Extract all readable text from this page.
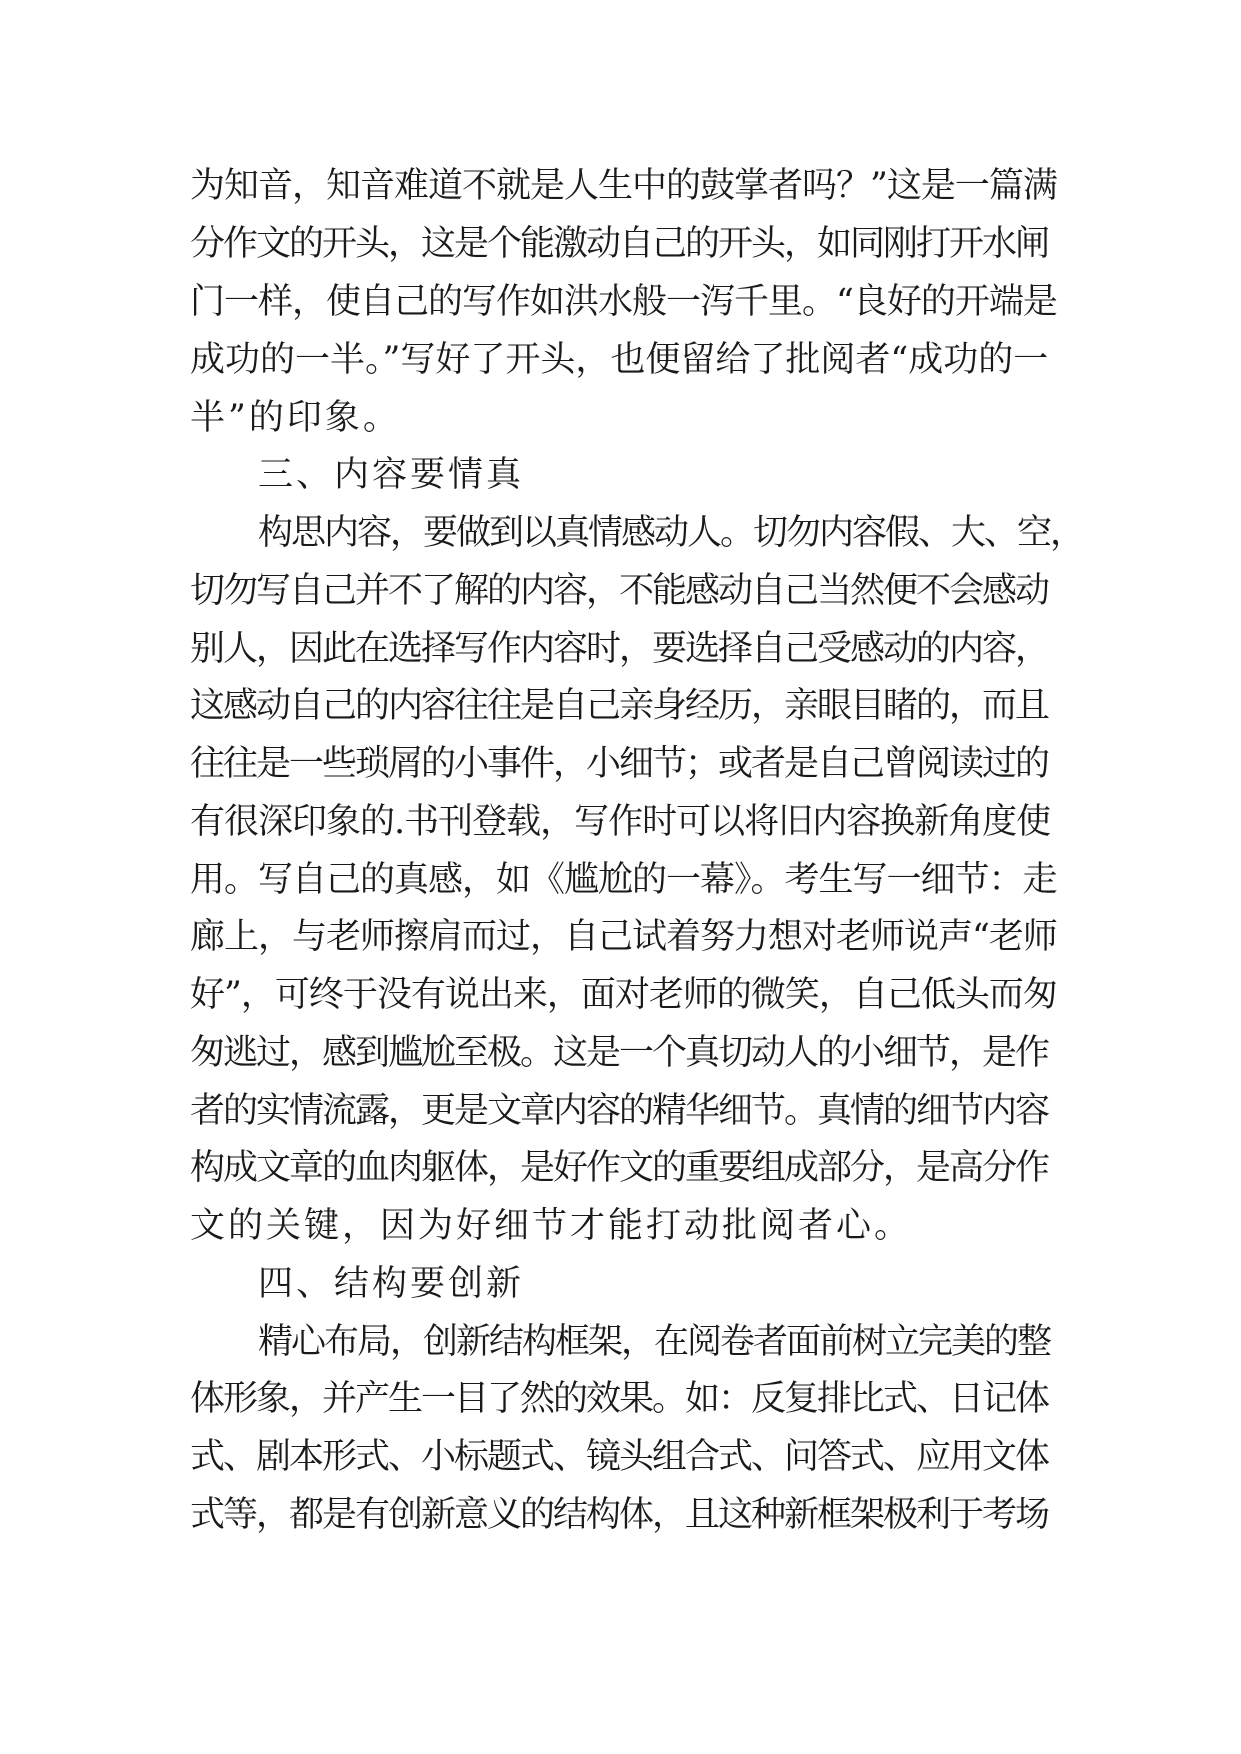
为知音，知音难道不就是人生中的鼓掌者吗？”这是一篇满
分作文的开头，这是个能激动自己的开头，如同刚打开水闸
门一样，使自己的写作如洪水般一泻千里。“良好的开端是
成功的一半。”写好了开头，也便留给了批阅者“成功的一
半”的印象。
三、内容要情真
构思内容，要做到以真情感动人。切勿内容假、大、空，
切勿写自己并不了解的内容，不能感动自己当然便不会感动
别人，因此在选择写作内容时，要选择自己受感动的内容，
这感动自己的内容往往是自己亲身经历，亲眼目睹的，而且
往往是一些琐屑的小事件，小细节；或者是自己曾阅读过的
有很深印象的.书刊登载，写作时可以将旧内容换新角度使
用。写自己的真感，如《尴尬的一幕》。考生写一细节：走
廊上，与老师擦肩而过，自己试着努力想对老师说声“老师
好”，可终于没有说出来，面对老师的微笑，自己低头而匆
匆逃过，感到尴尬至极。这是一个真切动人的小细节，是作
者的实情流露，更是文章内容的精华细节。真情的细节内容
构成文章的血肉躯体，是好作文的重要组成部分，是高分作
文的关键，因为好细节才能打动批阅者心。
四、结构要创新
精心布局，创新结构框架，在阅卷者面前树立完美的整
体形象，并产生一目了然的效果。如：反复排比式、日记体
式、剧本形式、小标题式、镜头组合式、问答式、应用文体
式等，都是有创新意义的结构体，且这种新框架极利于考场
